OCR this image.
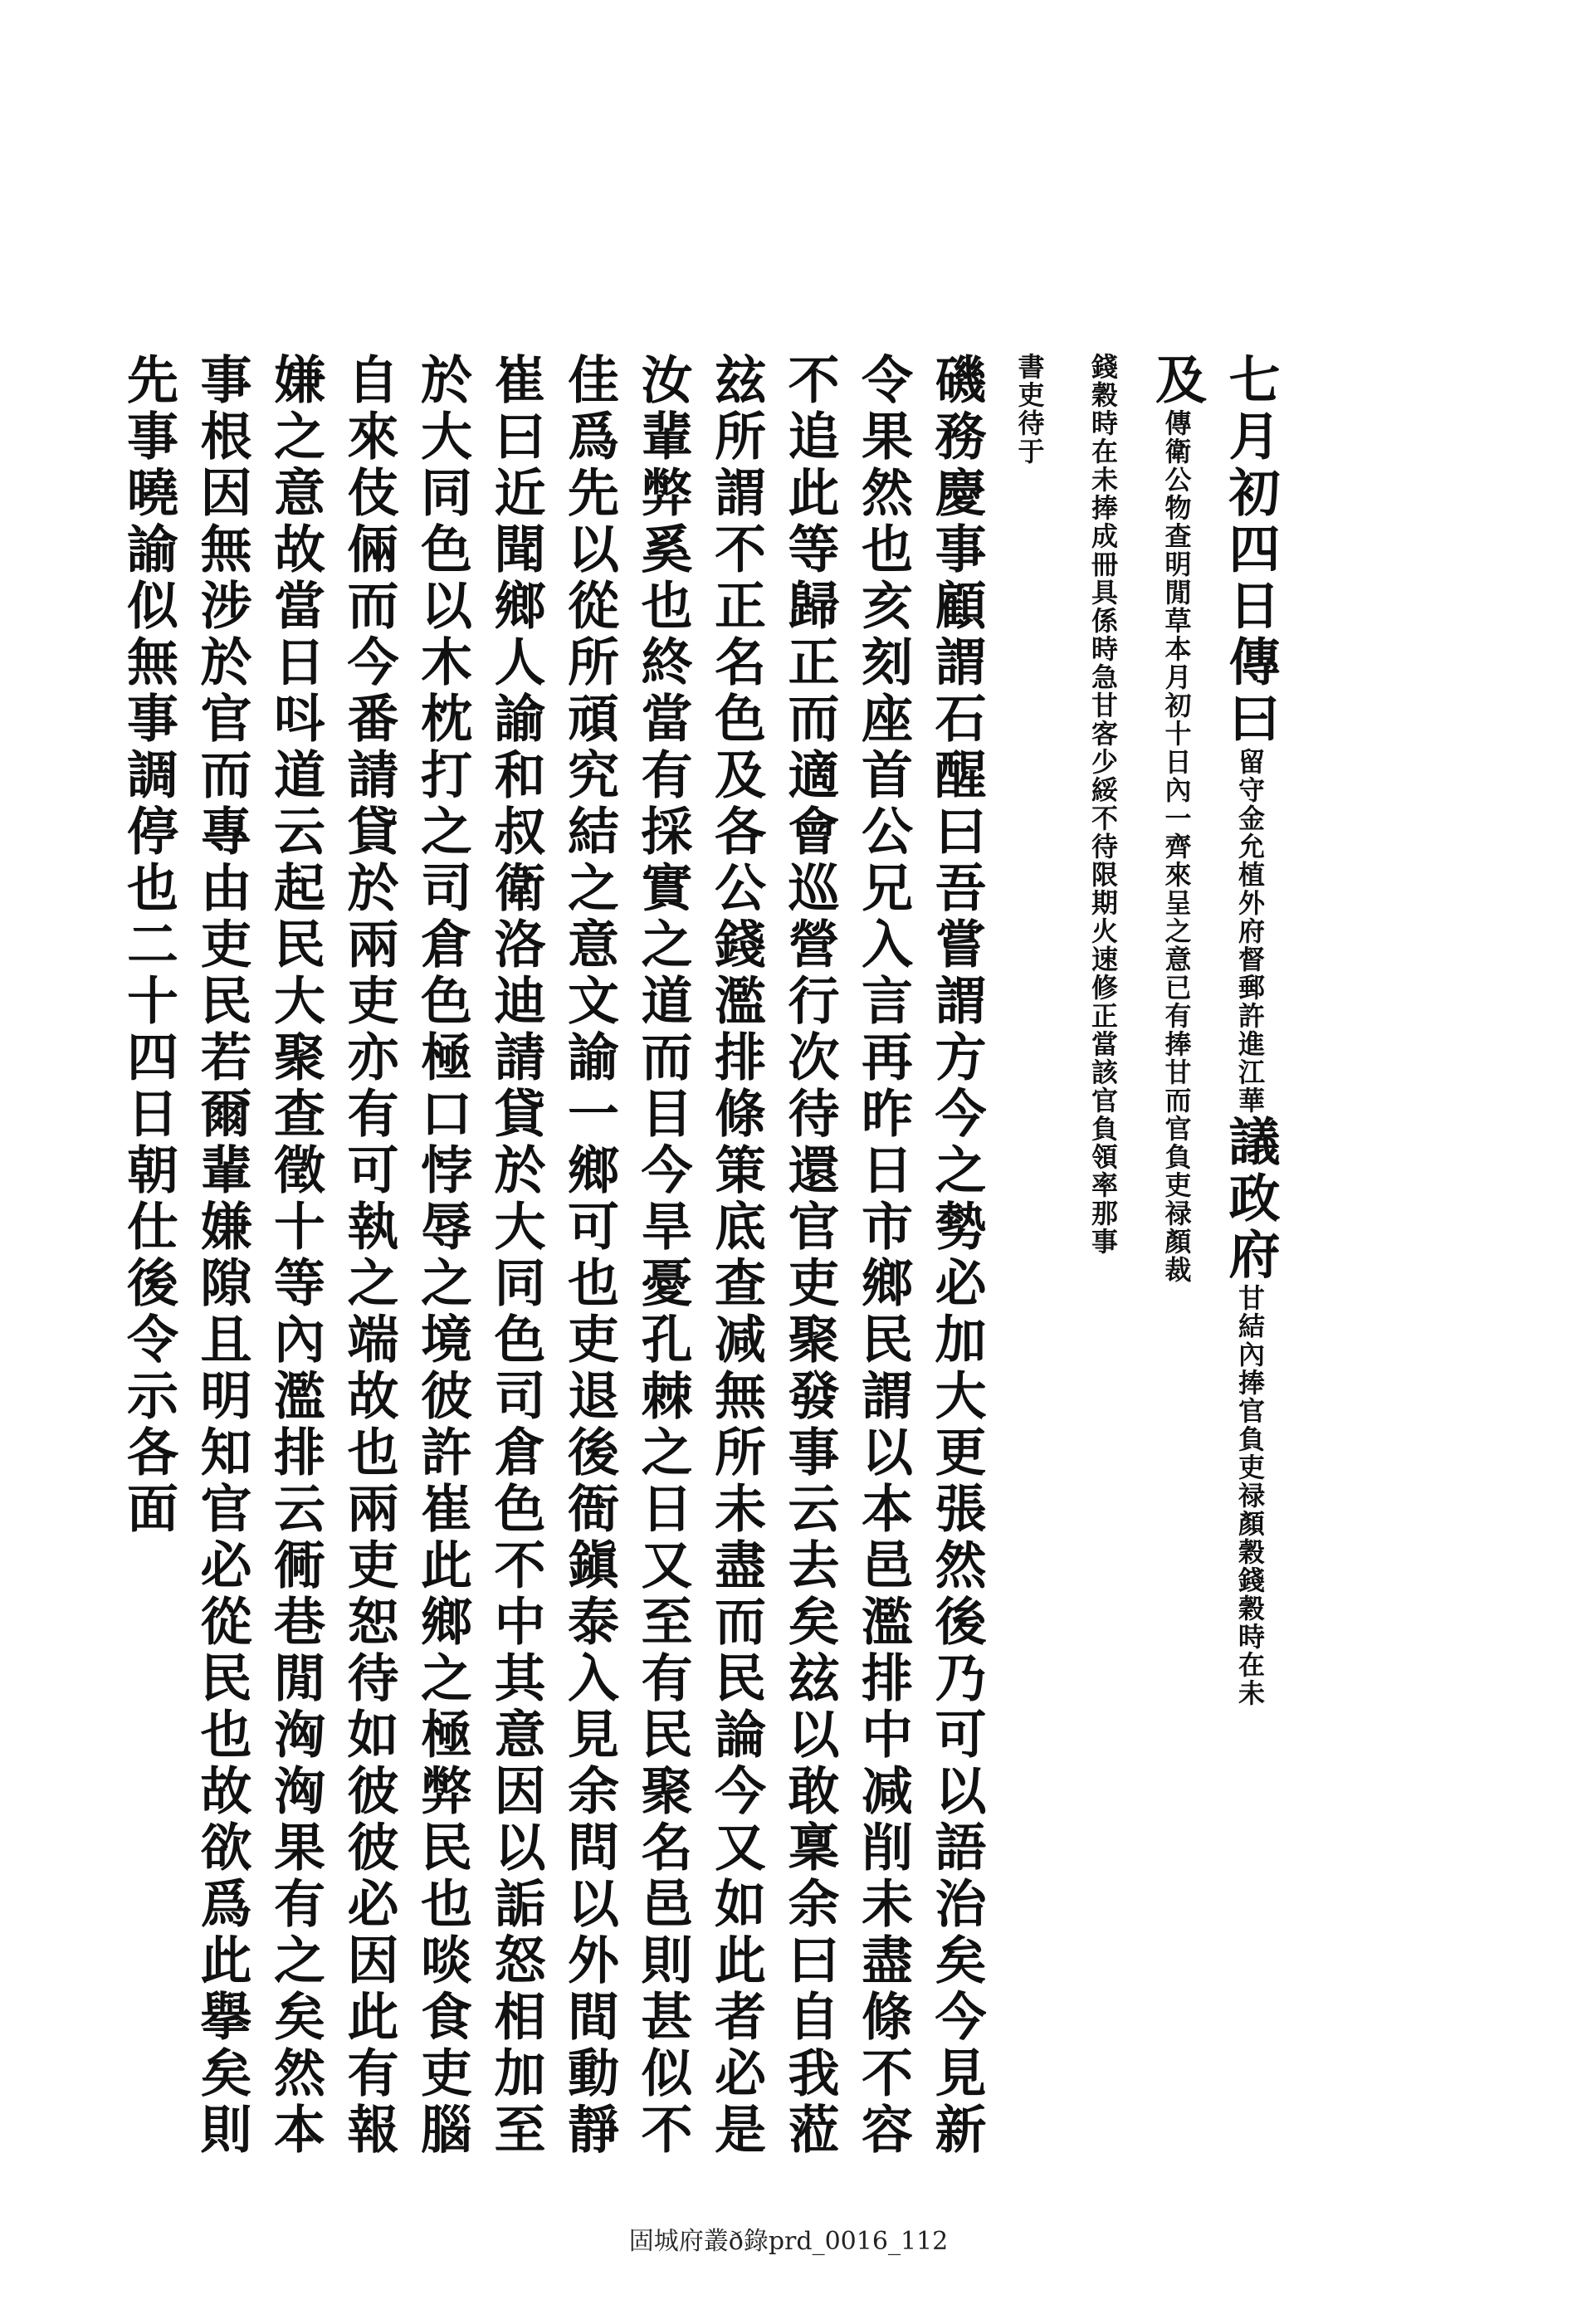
七月初四日傳曰留守金允植外府督郵許進江華議政府甘結內捧官負吏禄顏穀錢穀時在未
及傳衛公物查明閒草本月初十日內一齊來呈之意已有捧甘而官負吏禄顏裁
錢穀時在未捧成冊具係時急甘客少綏不待限期火速修正當該官負領率那事
書吏待于
磯務慶事顧謂石醒曰吾嘗謂方今之勢必加大更張然後乃可以語治矣今見新
令果然也亥刻座首公兄入言再昨日市鄉民謂以本邑濫排中减削未盡條不容
不追此等歸正而適會巡營行次待還官吏聚發事云去矣玆以敢稟余曰自我蒞
玆所謂不正名色及各公錢濫排條䇿底查减無所未盡而民論今又如此者必是
汝輩弊奚也終當有採實之道而目今旱憂孔棘之日又至有民聚名邑則甚似不
佳爲先以從所頑究結之意文諭一鄉可也吏退後衙鎭泰入見余問以外間動靜
崔曰近聞鄉人諭和叔衛洛迪請貸於大同色司倉色不中其意因以詬怒相加至
於大同色以木枕打之司倉色極口悖辱之境彼許崔此鄉之極弊民也啖食吏腦
自來伎倆而今番請貸於兩吏亦有可執之端故也兩吏恕待如彼彼必因此有報
嫌之意故當日呌道云起民大聚查徵十等內濫排云衕巷閒洶洶果有之矣然本
事根因無涉於官而專由吏民若爾輩嫌隙且明知官必從民也故欲爲此擧矣則
先事曉諭似無事調停也二十四日朝仕後令示各面
固城府叢ð錄prd_0016_112
